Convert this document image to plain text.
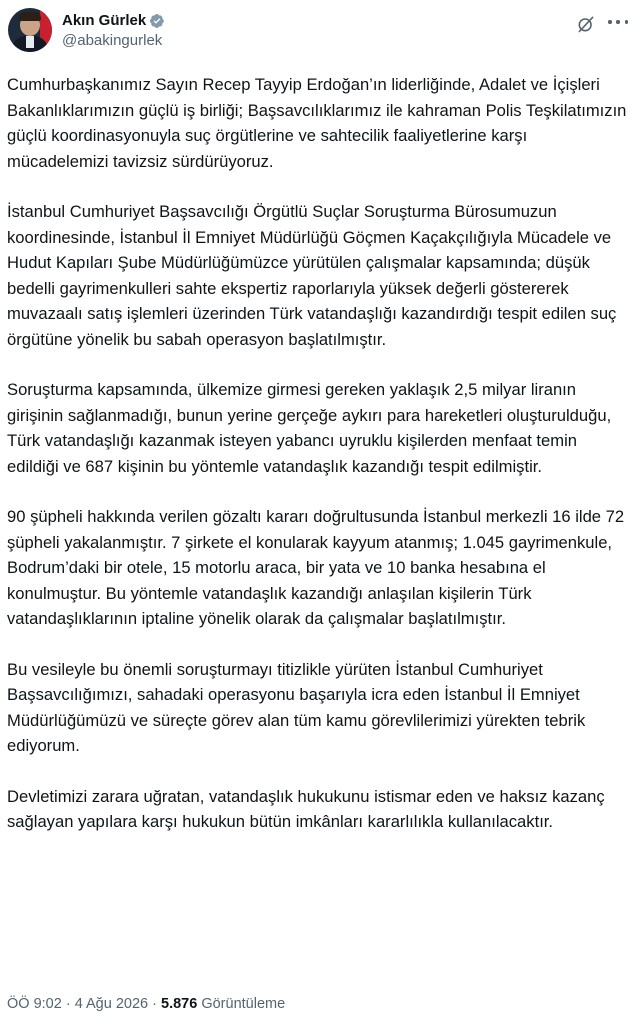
Akın Gürlek
@abakingurlek

Cumhurbaşkanımız Sayın Recep Tayyip Erdoğan’ın liderliğinde, Adalet ve İçişleri Bakanlıklarımızın güçlü iş birliği; Başsavcılıklarımız ile kahraman Polis Teşkilatımızın güçlü koordinasyonuyla suç örgütlerine ve sahtecilik faaliyetlerine karşı mücadelemizi tavizsiz sürdürüyoruz.

İstanbul Cumhuriyet Başsavcılığı Örgütlü Suçlar Soruşturma Bürosumuzun koordinesinde, İstanbul İl Emniyet Müdürlüğü Göçmen Kaçakçılığıyla Mücadele ve Hudut Kapıları Şube Müdürlüğümüzce yürütülen çalışmalar kapsamında; düşük bedelli gayrimenkulleri sahte ekspertiz raporlarıyla yüksek değerli göstererek muvazaalı satış işlemleri üzerinden Türk vatandaşlığı kazandırdığı tespit edilen suç örgütüne yönelik bu sabah operasyon başlatılmıştır.

Soruşturma kapsamında, ülkemize girmesi gereken yaklaşık 2,5 milyar liranın girişinin sağlanmadığı, bunun yerine gerçeğe aykırı para hareketleri oluşturulduğu, Türk vatandaşlığı kazanmak isteyen yabancı uyruklu kişilerden menfaat temin edildiği ve 687 kişinin bu yöntemle vatandaşlık kazandığı tespit edilmiştir.

90 şüpheli hakkında verilen gözaltı kararı doğrultusunda İstanbul merkezli 16 ilde 72 şüpheli yakalanmıştır. 7 şirkete el konularak kayyum atanmış; 1.045 gayrimenkule, Bodrum’daki bir otele, 15 motorlu araca, bir yata ve 10 banka hesabına el konulmuştur. Bu yöntemle vatandaşlık kazandığı anlaşılan kişilerin Türk vatandaşlıklarının iptaline yönelik olarak da çalışmalar başlatılmıştır.

Bu vesileyle bu önemli soruşturmayı titizlikle yürüten İstanbul Cumhuriyet Başsavcılığımızı, sahadaki operasyonu başarıyla icra eden İstanbul İl Emniyet Müdürlüğümüzü ve süreçte görev alan tüm kamu görevlilerimizi yürekten tebrik ediyorum.

Devletimizi zarara uğratan, vatandaşlık hukukunu istismar eden ve haksız kazanç sağlayan yapılara karşı hukukun bütün imkânları kararlılıkla kullanılacaktır.

ÖÖ 9:02 · 4 Ağu 2026 · 5.876 Görüntüleme
